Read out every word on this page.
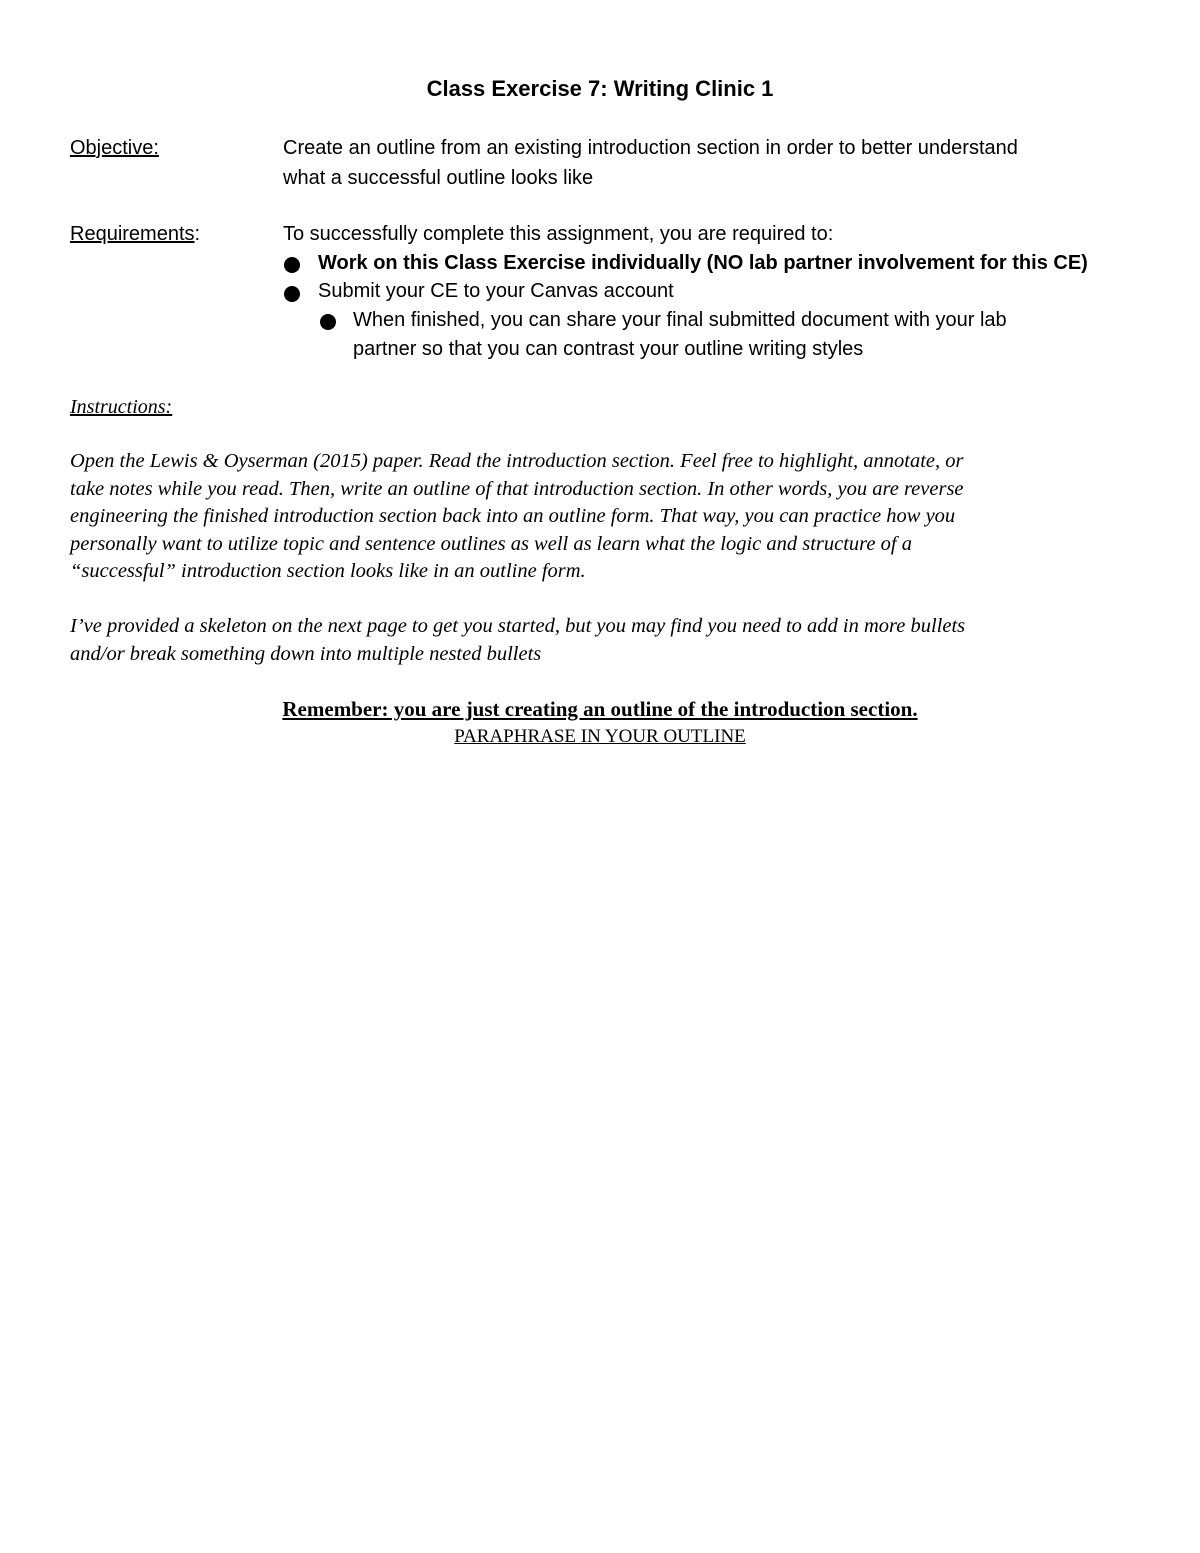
Class Exercise 7: Writing Clinic 1
Objective:	Create an outline from an existing introduction section in order to better understand
what a successful outline looks like
Requirements:	To successfully complete this assignment, you are required to:
Work on this Class Exercise individually (NO lab partner involvement for this CE)
Submit your CE to your Canvas account
When finished, you can share your final submitted document with your lab
partner so that you can contrast your outline writing styles
Instructions:
Open the Lewis & Oyserman (2015) paper. Read the introduction section. Feel free to highlight, annotate, or
take notes while you read. Then, write an outline of that introduction section. In other words, you are reverse
engineering the finished introduction section back into an outline form. That way, you can practice how you
personally want to utilize topic and sentence outlines as well as learn what the logic and structure of a
“successful” introduction section looks like in an outline form.
I’ve provided a skeleton on the next page to get you started, but you may find you need to add in more bullets
and/or break something down into multiple nested bullets
Remember: you are just creating an outline of the introduction section.
PARAPHRASE IN YOUR OUTLINE
